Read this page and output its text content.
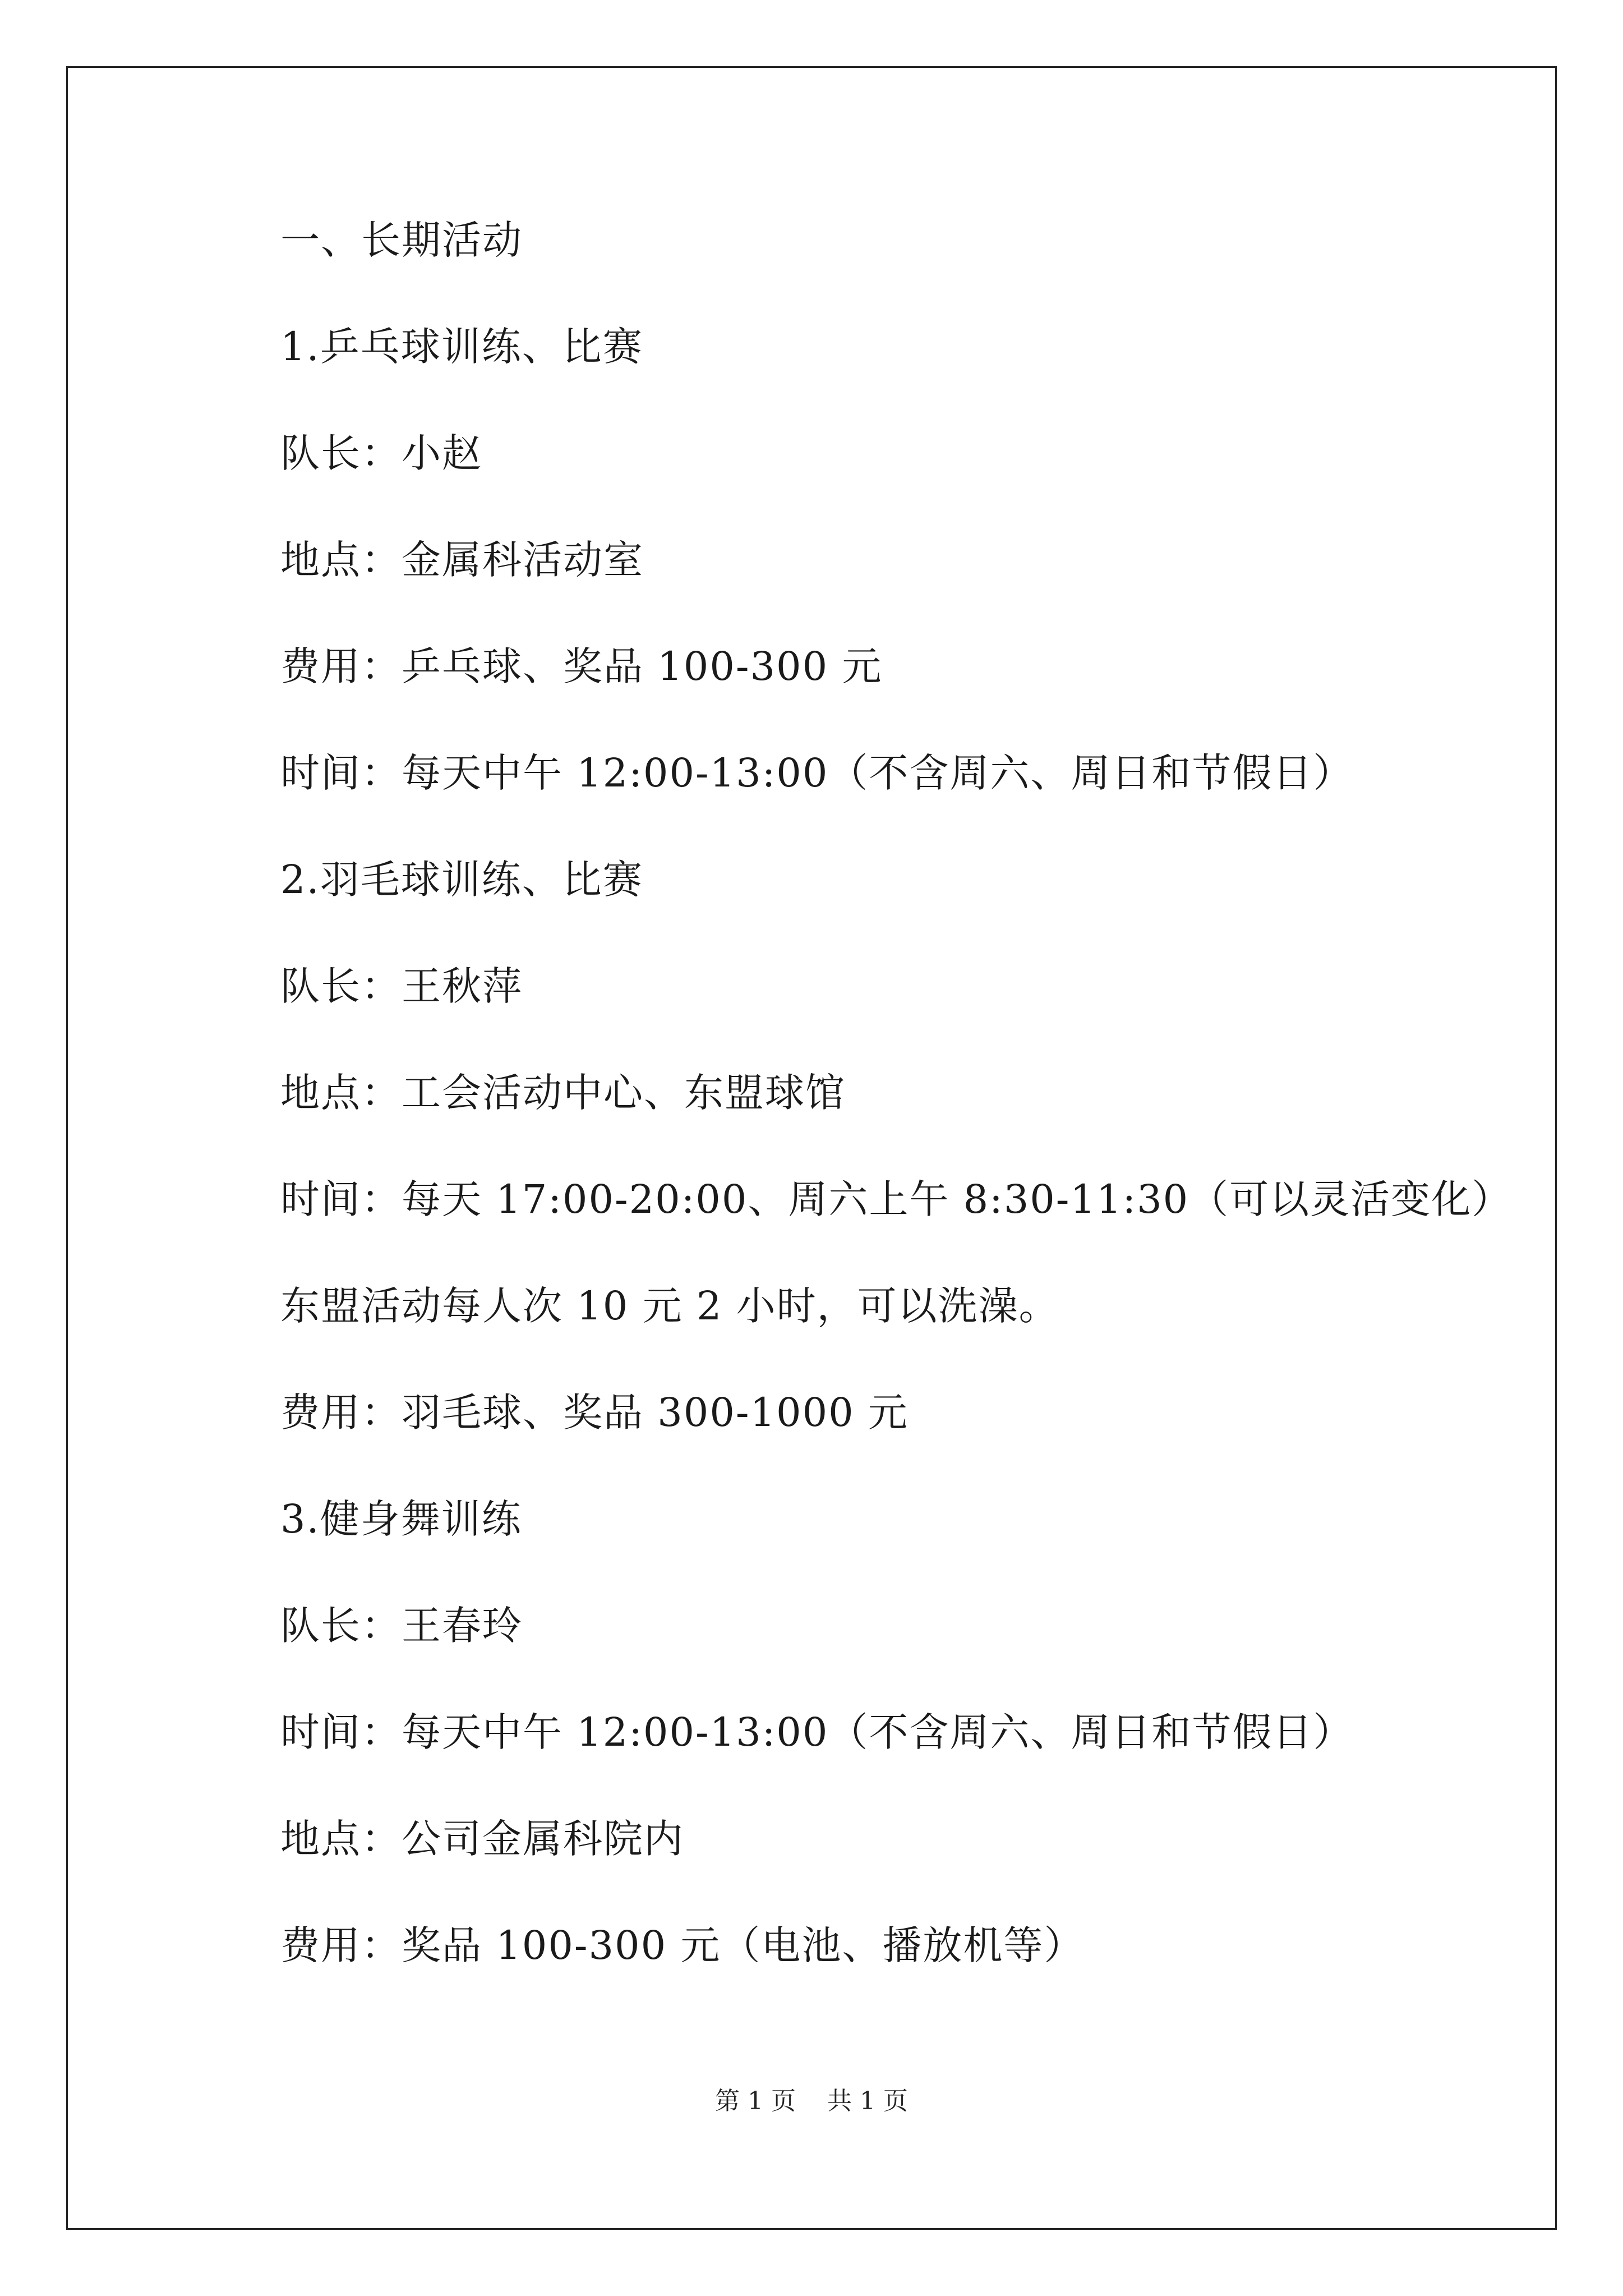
一、长期活动
1.乒乓球训练、比赛
队长：小赵
地点：金属科活动室
费用：乒乓球、奖品 100-300 元
时间：每天中午 12:00-13:00（不含周六、周日和节假日）
2.羽毛球训练、比赛
队长：王秋萍
地点：工会活动中心、东盟球馆
时间：每天 17:00-20:00、周六上午 8:30-11:30（可以灵活变化）
东盟活动每人次 10 元 2 小时，可以洗澡。
费用：羽毛球、奖品 300-1000 元
3.健身舞训练
队长：王春玲
时间：每天中午 12:00-13:00（不含周六、周日和节假日）
地点：公司金属科院内
费用：奖品 100-300 元（电池、播放机等）
第 1 页 共 1 页
